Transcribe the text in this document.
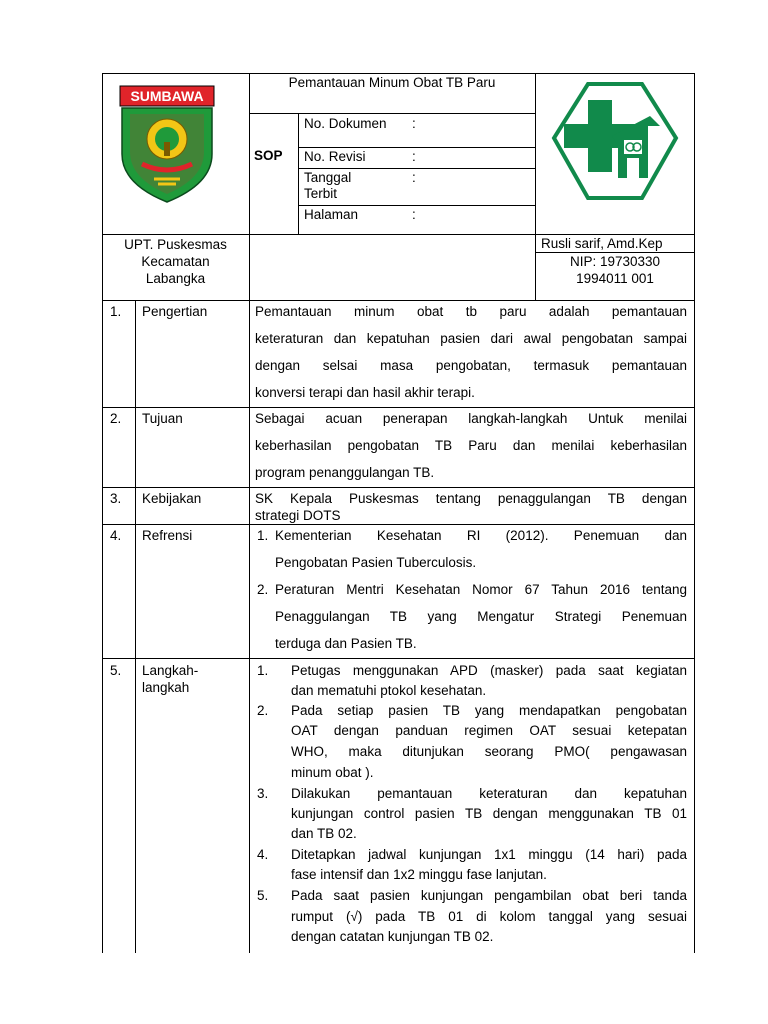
SUMBAWA
Pemantauan Minum Obat TB Paru
SOP
No. Dokumen :
No. Revisi	:
Tanggal Terbit
:
Halaman	:
UPT. Puskesmas
Kecamatan
Labangka
Rusli sarif, Amd.Kep
NIP: 19730330
1994011 001
1. Pengertian	Pemantauan minum obat tb paru adalah pemantauan
keteraturan dan kepatuhan pasien dari awal pengobatan sampai
dengan selsai masa pengobatan, termasuk pemantauan
konversi terapi dan hasil akhir terapi.
2. Tujuan	Sebagai acuan penerapan langkah-langkah Untuk menilai
keberhasilan pengobatan TB Paru dan menilai keberhasilan
program penanggulangan TB.
3. Kebijakan	SK Kepala Puskesmas tentang penaggulangan TB dengan
strategi DOTS
4. Refrensi	1. Kementerian Kesehatan RI (2012). Penemuan dan
Pengobatan Pasien Tuberculosis.
2. Peraturan Mentri Kesehatan Nomor 67 Tahun 2016 tentang
Penaggulangan TB yang Mengatur Strategi Penemuan
terduga dan Pasien TB.
5. Langkah-
langkah
1. Petugas menggunakan APD (masker) pada saat kegiatan
dan mematuhi ptokol kesehatan.
2. Pada setiap pasien TB yang mendapatkan pengobatan
OAT dengan panduan regimen OAT sesuai ketepatan
WHO, maka ditunjukan seorang PMO( pengawasan
minum obat ).
3. Dilakukan pemantauan keteraturan dan kepatuhan
kunjungan control pasien TB dengan menggunakan TB 01
dan TB 02.
4. Ditetapkan jadwal kunjungan 1x1 minggu (14 hari) pada
fase intensif dan 1x2 minggu fase lanjutan.
5. Pada saat pasien kunjungan pengambilan obat beri tanda
rumput (√) pada TB 01 di kolom tanggal yang sesuai
dengan catatan kunjungan TB 02.
